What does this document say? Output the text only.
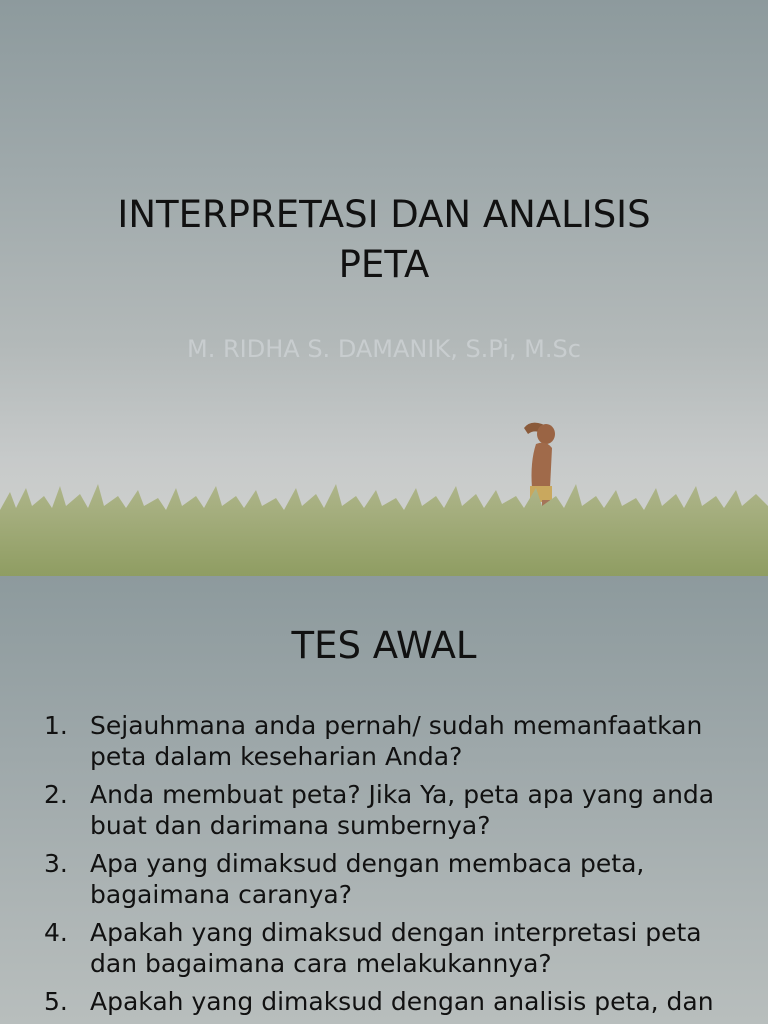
INTERPRETASI DAN ANALISIS
PETA
M. RIDHA S. DAMANIK, S.Pi, M.Sc
TES AWAL
1. Sejauhmana anda pernah/ sudah memanfaatkan peta dalam keseharian Anda?
2. Anda membuat peta? Jika Ya, peta apa yang anda buat dan darimana sumbernya?
3. Apa yang dimaksud dengan membaca peta, bagaimana caranya?
4. Apakah yang dimaksud dengan interpretasi peta dan bagaimana cara melakukannya?
5. Apakah yang dimaksud dengan analisis peta, dan
